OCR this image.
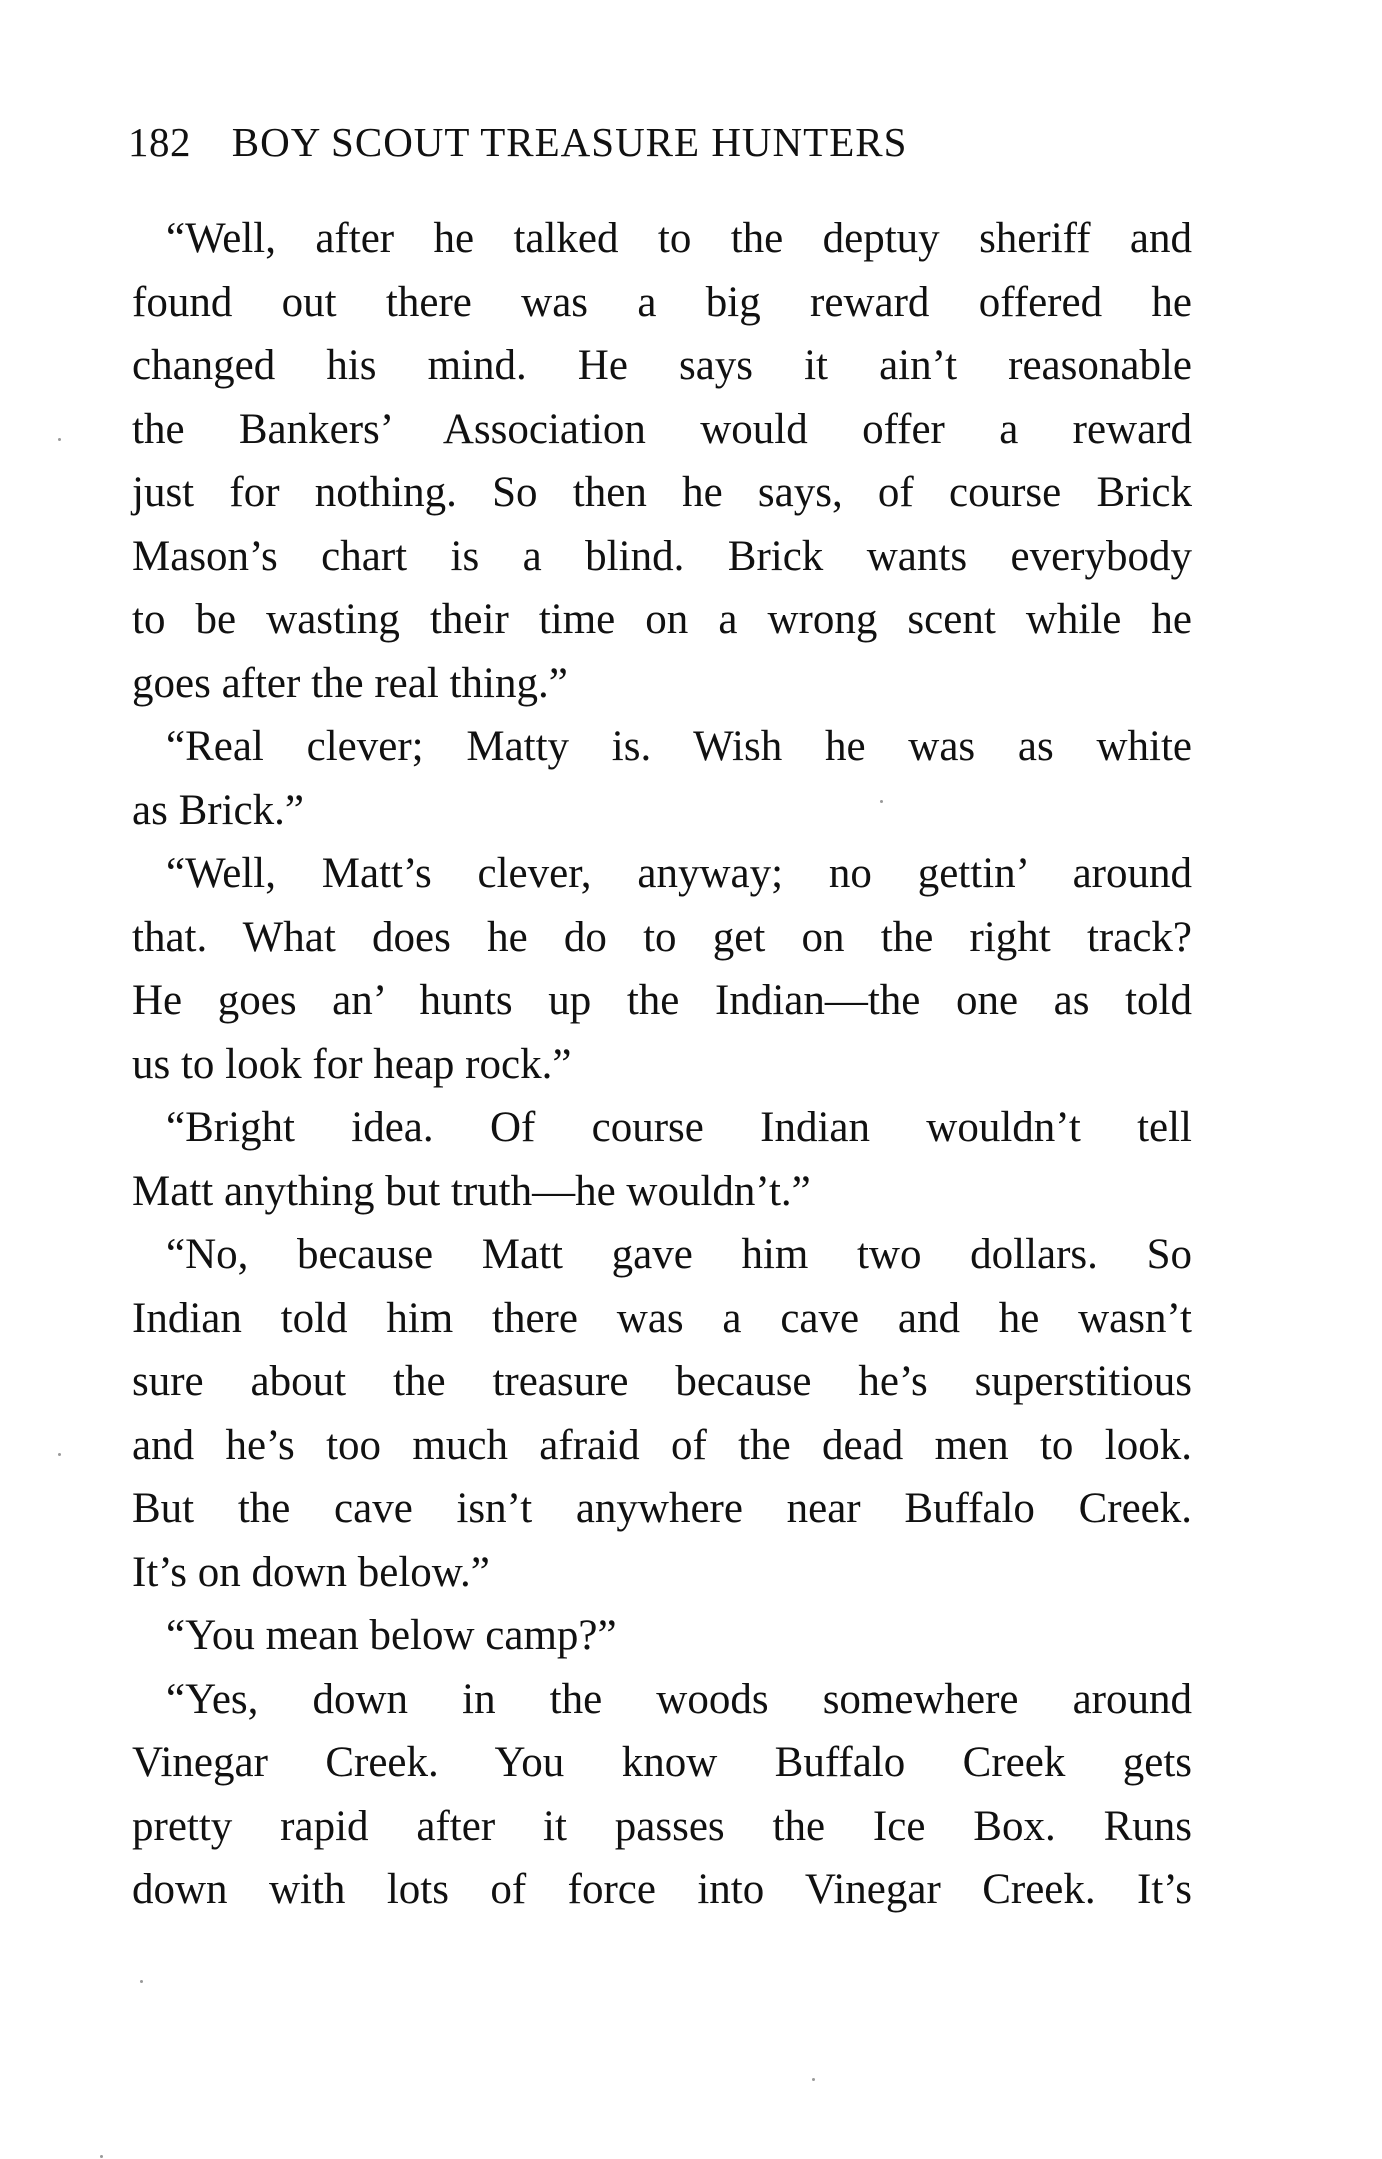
182 BOY SCOUT TREASURE HUNTERS
“Well, after he talked to the deptuy sheriff and
found out there was a big reward offered he
changed his mind. He says it ain’t reasonable
the Bankers’ Association would offer a reward
just for nothing. So then he says, of course Brick
Mason’s chart is a blind. Brick wants everybody
to be wasting their time on a wrong scent while he
goes after the real thing.”
“Real clever; Matty is. Wish he was as white
as Brick.”
“Well, Matt’s clever, anyway; no gettin’ around
that. What does he do to get on the right track?
He goes an’ hunts up the Indian—the one as told
us to look for heap rock.”
“Bright idea. Of course Indian wouldn’t tell
Matt anything but truth—he wouldn’t.”
“No, because Matt gave him two dollars. So
Indian told him there was a cave and he wasn’t
sure about the treasure because he’s superstitious
and he’s too much afraid of the dead men to look.
But the cave isn’t anywhere near Buffalo Creek.
It’s on down below.”
“You mean below camp?”
“Yes, down in the woods somewhere around
Vinegar Creek. You know Buffalo Creek gets
pretty rapid after it passes the Ice Box. Runs
down with lots of force into Vinegar Creek. It’s
